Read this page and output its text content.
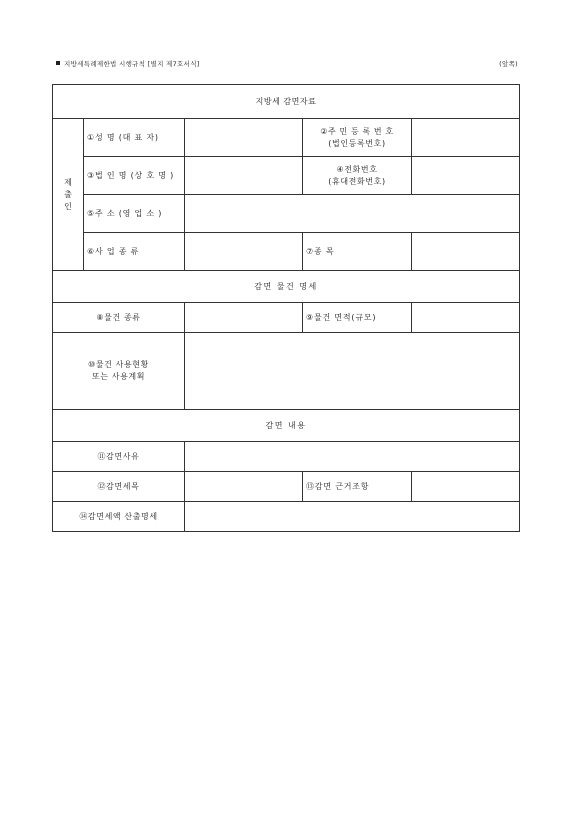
지방세특례제한법 시행규칙 [별지 제7호서식]	(앞쪽)
지방세 감면자료				

제
출
인	①성 명 (대 표 자)		②주 민 등 록 번 호
(법인등록번호)	
	③법 인 명 (상 호 명 )		④전화번호
(휴대전화번호)	
	⑤주 소 (영 업 소 )			
	⑥사 업 종 류		⑦종 목	
감면 물건 명세				
⑧물건 종류			⑨물건 면적(규모)	
⑩물건 사용현황
또는 사용계획				
감면 내용				
⑪감면사유				
⑫감면세목			⑬감면 근거조항	
⑭감면세액 산출명세				
